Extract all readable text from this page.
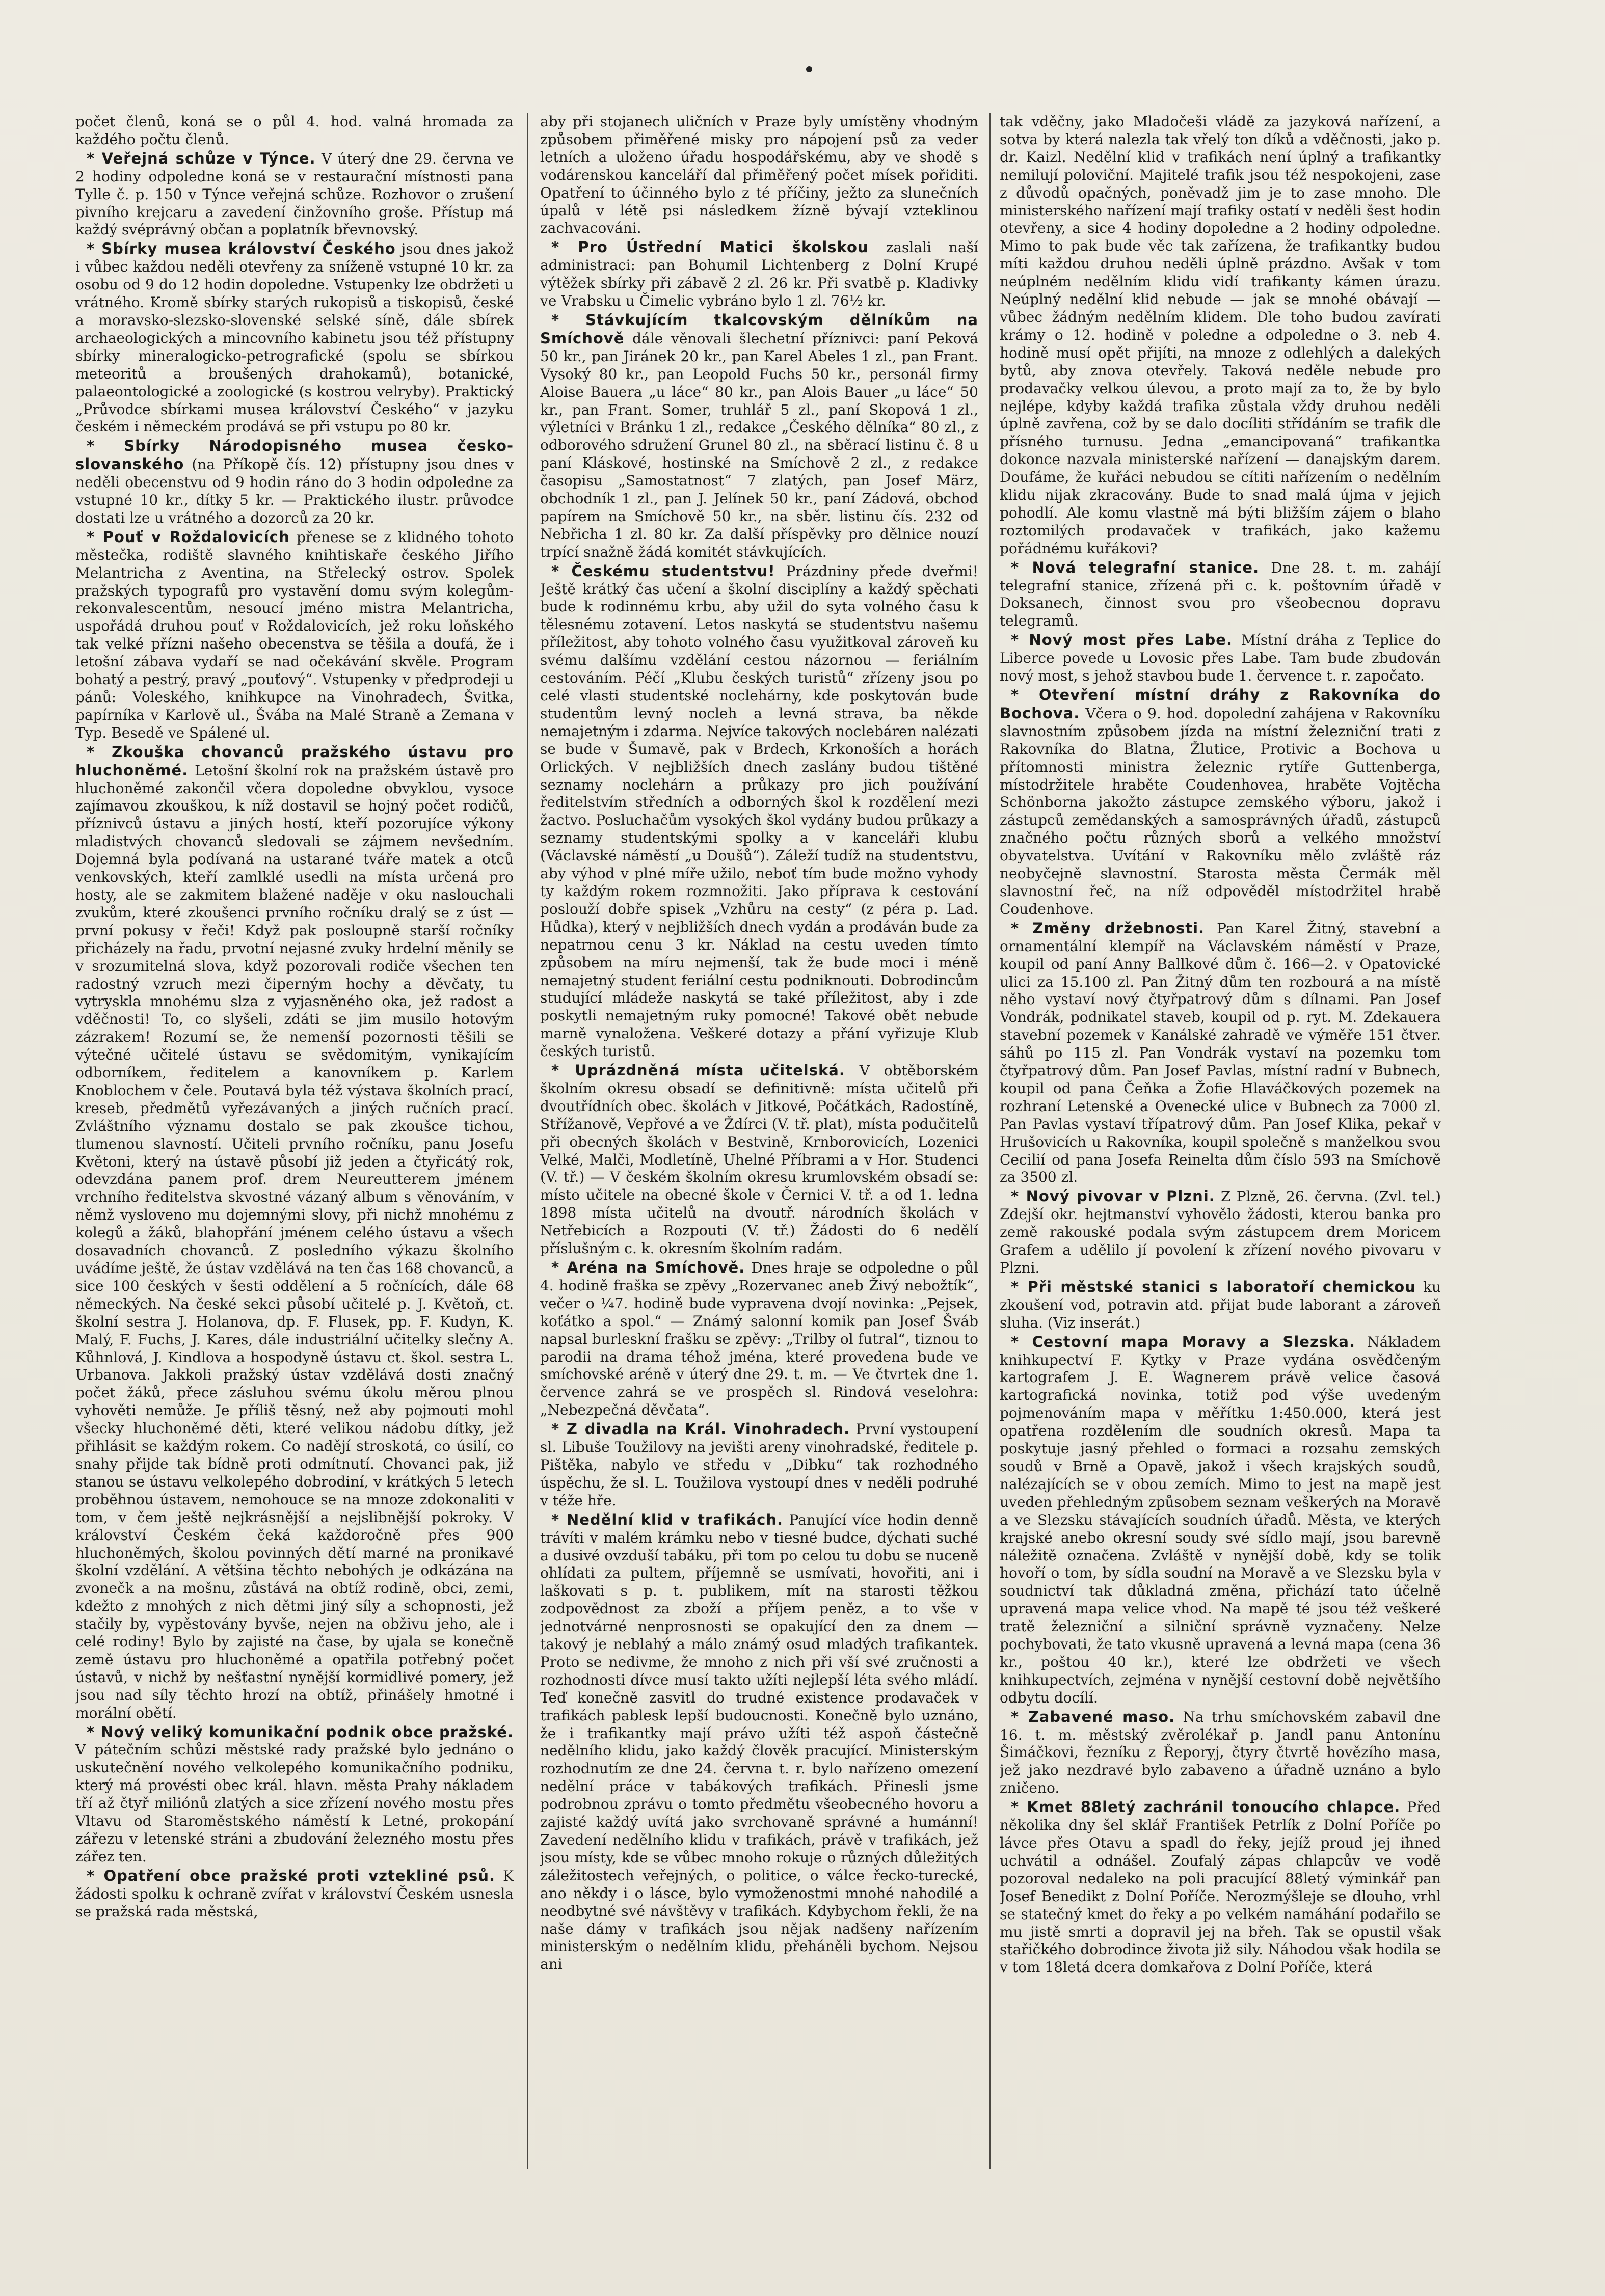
počet členů, koná se o půl 4. hod. valná hromada za každého počtu členů.

* Veřejná schůze v Týnce. V úterý dne 29. června ve 2 hodiny odpoledne koná se v restaurační místnosti pana Tylle č. p. 150 v Týnce veřejná schůze. Rozhovor o zrušení pivního krejcaru a zavedení činžovního groše. Přístup má každý svéprávný občan a poplatník břevnovský.

* Sbírky musea království Českého jsou dnes jakož i vůbec každou neděli otevřeny za sníženě vstupné 10 kr. za osobu od 9 do 12 hodin dopoledne. Vstupenky lze obdržeti u vrátného. Kromě sbírky starých rukopisů a tiskopisů, české a moravsko-slezsko-slovenské selské síně, dále sbírek archaeologických a mincovního kabinetu jsou též přístupny sbírky mineralogicko-petrografické (spolu se sbírkou meteoritů a broušených drahokamů), botanické, palaeontologické a zoologické (s kostrou velryby). Praktický „Průvodce sbírkami musea království Českého“ v jazyku českém i německém prodává se při vstupu po 80 kr.

* Sbírky Národopisného musea česko-slovanského (na Příkopě čís. 12) přístupny jsou dnes v neděli obecenstvu od 9 hodin ráno do 3 hodin odpoledne za vstupné 10 kr., dítky 5 kr. — Praktického ilustr. průvodce dostati lze u vrátného a dozorců za 20 kr.

* Pouť v Roždalovicích přenese se z klidného tohoto městečka, rodiště slavného knihtiskaře českého Jiřího Melantricha z Aventina, na Střelecký ostrov. Spolek pražských typografů pro vystavění domu svým kolegům-rekonvalescentům, nesoucí jméno mistra Melantricha, uspořádá druhou pouť v Roždalovicích, jež roku loňského tak velké přízni našeho obecenstva se těšila a doufá, že i letošní zábava vydaří se nad očekávání skvěle. Program bohatý a pestrý, pravý „pouťový“. Vstupenky v předprodeji u pánů: Voleského, knihkupce na Vinohradech, Švitka, papírníka v Karlově ul., Švába na Malé Straně a Zemana v Typ. Besedě ve Spálené ul.

* Zkouška chovanců pražského ústavu pro hluchoněmé. Letošní školní rok na pražském ústavě pro hluchoněmé zakončil včera dopoledne obvyklou, vysoce zajímavou zkouškou, k níž dostavil se hojný počet rodičů, příznivců ústavu a jiných hostí, kteří pozorujíce výkony mladistvých chovanců sledovali se zájmem nevšedním. Dojemná byla podívaná na ustarané tváře matek a otců venkovských, kteří zamlklé usedli na místa určená pro hosty, ale se zakmitem blažené naděje v oku naslouchali zvukům, které zkoušenci prvního ročníku dralý se z úst — první pokusy v řeči! Když pak posloupně starší ročníky přicházely na řadu, prvotní nejasné zvuky hrdelní měnily se v srozumitelná slova, když pozorovali rodiče všechen ten radostný vzruch mezi čiperným hochy a děvčaty, tu vytryskla mnohému slza z vyjasněného oka, jež radost a vděčnosti! To, co slyšeli, zdáti se jim musilo hotovým zázrakem! Rozumí se, že nemenší pozornosti těšili se výtečné učitelé ústavu se svědomitým, vynikajícím odborníkem, ředitelem a kanovníkem p. Karlem Knoblochem v čele. Poutavá byla též výstava školních prací, kreseb, předmětů vyřezávaných a jiných ručních prací. Zvláštního významu dostalo se pak zkoušce tichou, tlumenou slavností. Učiteli prvního ročníku, panu Josefu Květoni, který na ústavě působí již jeden a čtyřicátý rok, odevzdána panem prof. drem Neureutterem jménem vrchního ředitelstva skvostné vázaný album s věnováním, v němž vysloveno mu dojemnými slovy, při nichž mnohému z kolegů a žáků, blahopřání jménem celého ústavu a všech dosavadních chovanců. Z posledního výkazu školního uvádíme ještě, že ústav vzdělává na ten čas 168 chovanců, a sice 100 českých v šesti oddělení a 5 ročnících, dále 68 německých. Na české sekci působí učitelé p. J. Květoň, ct. školní sestra J. Holanova, dp. F. Flusek, pp. F. Kudyn, K. Malý, F. Fuchs, J. Kares, dále industriální učitelky slečny A. Kůhnlová, J. Kindlova a hospodyně ústavu ct. škol. sestra L. Urbanova. Jakkoli pražský ústav vzdělává dosti značný počet žáků, přece zásluhou svému úkolu měrou plnou vyhověti nemůže. Je příliš těsný, než aby pojmouti mohl všecky hluchoněmé děti, které velikou nádobu dítky, jež přihlásit se každým rokem. Co nadějí stroskotá, co úsilí, co snahy přijde tak bídně proti odmítnutí. Chovanci pak, již stanou se ústavu velkolepého dobrodiní, v krátkých 5 letech proběhnou ústavem, nemohouce se na mnoze zdokonaliti v tom, v čem ještě nejkrásnější a nejslibnější pokroky. V království Českém čeká každoročně přes 900 hluchoněmých, školou povinných dětí marné na pronikavé školní vzdělání. A většina těchto nebohých je odkázána na zvonečk a na mošnu, zůstává na obtíž rodině, obci, zemi, kdežto z mnohých z nich dětmi jiný síly a schopnosti, jež stačily by, vypěstovány byvše, nejen na obživu jeho, ale i celé rodiny! Bylo by zajisté na čase, by ujala se konečně země ústavu pro hluchoněmé a opatřila potřebný počet ústavů, v nichž by nešťastní nynější kormidlivé pomery, jež jsou nad síly těchto hrozí na obtíž, přinášely hmotné i morální obětí.

* Nový veliký komunikační podnik obce pražské. V pátečním schůzi městské rady pražské bylo jednáno o uskutečnění nového velkolepého komunikačního podniku, který má provésti obec král. hlavn. města Prahy nákladem tří až čtyř miliónů zlatých a sice zřízení nového mostu přes Vltavu od Staroměstského náměstí k Letné, prokopání zářezu v letenské stráni a zbudování železného mostu přes zářez ten.

* Opatření obce pražské proti vztekliné psů. K žádosti spolku k ochraně zvířat v království Českém usnesla se pražská rada městská,

aby při stojanech uličních v Praze byly umístěny vhodným způsobem přiměřené misky pro nápojení psů za veder letních a uloženo úřadu hospodářskému, aby ve shodě s vodárenskou kanceláří dal přiměřený počet mísek pořiditi. Opatření to účinného bylo z té příčiny, ježto za slunečních úpalů v létě psi následkem žízně bývají vzteklinou zachvacováni.

* Pro Ústřední Matici školskou zaslali naší administraci: pan Bohumil Lichtenberg z Dolní Krupé výtěžek sbírky při zábavě 2 zl. 26 kr. Při svatbě p. Kladivky ve Vrabsku u Čimelic vybráno bylo 1 zl. 76½ kr.

* Stávkujícím tkalcovským dělníkům na Smíchově dále věnovali šlechetní příznivci: paní Peková 50 kr., pan Jiránek 20 kr., pan Karel Abeles 1 zl., pan Frant. Vysoký 80 kr., pan Leopold Fuchs 50 kr., personál firmy Aloise Bauera „u láce“ 80 kr., pan Alois Bauer „u láce“ 50 kr., pan Frant. Somer, truhlář 5 zl., paní Skopová 1 zl., výletníci v Bránku 1 zl., redakce „Českého dělníka“ 80 zl., z odborového sdružení Grunel 80 zl., na sběrací listinu č. 8 u paní Kláskové, hostinské na Smíchově 2 zl., z redakce časopisu „Samostatnost“ 7 zlatých, pan Josef März, obchodník 1 zl., pan J. Jelínek 50 kr., paní Zádová, obchod papírem na Smíchově 50 kr., na sběr. listinu čís. 232 od Nebřicha 1 zl. 80 kr. Za další příspěvky pro dělnice nouzí trpící snažně žádá komitét stávkujících.

* Českému studentstvu! Prázdniny přede dveřmi! Ještě krátký čas učení a školní disciplíny a každý spěchati bude k rodinnému krbu, aby užil do syta volného času k tělesnému zotavení. Letos naskytá se studentstvu našemu příležitost, aby tohoto volného času využitkoval zároveň ku svému dalšímu vzdělání cestou názornou — feriálním cestováním. Péčí „Klubu českých turistů“ zřízeny jsou po celé vlasti studentské noclehárny, kde poskytován bude studentům levný nocleh a levná strava, ba někde nemajetným i zdarma. Nejvíce takových noclebáren nalézati se bude v Šumavě, pak v Brdech, Krkonoších a horách Orlických. V nejbližších dnech zaslány budou tištěné seznamy noclehárn a průkazy pro jich používání ředitelstvím středních a odborných škol k rozdělení mezi žactvo. Posluchačům vysokých škol vydány budou průkazy a seznamy studentskými spolky a v kanceláři klubu (Václavské náměstí „u Doušů“). Záleží tudíž na studentstvu, aby výhod v plné míře užilo, neboť tím bude možno vyhody ty každým rokem rozmnožiti. Jako příprava k cestování poslouží dobře spisek „Vzhůru na cesty“ (z péra p. Lad. Hůdka), který v nejbližších dnech vydán a prodáván bude za nepatrnou cenu 3 kr. Náklad na cestu uveden tímto způsobem na míru nejmenší, tak že bude moci i méně nemajetný student feriální cestu podniknouti. Dobrodincům studující mládeže naskytá se také příležitost, aby i zde poskytli nemajetným ruky pomocné! Takové obět nebude marně vynaložena. Veškeré dotazy a přání vyřizuje Klub českých turistů.

* Uprázdněná místa učitelská. V obtěborském školním okresu obsadí se definitivně: místa učitelů při dvoutřídních obec. školách v Jitkové, Počátkách, Radostíně, Střížanově, Vepřové a ve Ždírci (V. tř. plat), místa podučitelů při obecných školách v Bestvině, Krnborovicích, Lozenici Velké, Malči, Modletíně, Uhelné Příbrami a v Hor. Studenci (V. tř.) — V českém školním okresu krumlovském obsadí se: místo učitele na obecné škole v Černici V. tř. a od 1. ledna 1898 místa učitelů na dvoutř. národních školách v Netřebicích a Rozpouti (V. tř.) Žádosti do 6 nedělí příslušným c. k. okresním školním radám.

* Aréna na Smíchově. Dnes hraje se odpoledne o půl 4. hodině fraška se zpěvy „Rozervanec aneb Živý nebožtík“, večer o ¼7. hodině bude vypravena dvojí novinka: „Pejsek, koťátko a spol.“ — Známý salonní komik pan Josef Šváb napsal burleskní frašku se zpěvy: „Trilby ol futral“, tiznou to parodii na drama téhož jména, které provedena bude ve smíchovské aréně v úterý dne 29. t. m. — Ve čtvrtek dne 1. července zahrá se ve prospěch sl. Rindová veselohra: „Nebezpečná děvčata“.

* Z divadla na Král. Vinohradech. První vystoupení sl. Libuše Toužilovy na jevišti areny vinohradské, ředitele p. Pištěka, nabylo ve středu v „Dibku“ tak rozhodného úspěchu, že sl. L. Toužilova vystoupí dnes v neděli podruhé v téže hře.

* Nedělní klid v trafikách. Panující více hodin denně trávíti v malém krámku nebo v tiesné budce, dýchati suché a dusivé ovzduší tabáku, při tom po celou tu dobu se nuceně ohlídati za pultem, příjemně se usmívati, hovořiti, ani i laškovati s p. t. publikem, mít na starosti těžkou zodpovědnost za zboží a příjem peněz, a to vše v jednotvárné nenprosnosti se opakující den za dnem — takový je neblahý a málo známý osud mladých trafikantek. Proto se nedivme, že mnoho z nich při vší své zručnosti a rozhodnosti dívce musí takto užíti nejlepší léta svého mládí. Teď konečně zasvitl do trudné existence prodavaček v trafikách pablesk lepší budoucnosti. Konečně bylo uznáno, že i trafikantky mají právo užíti též aspoň částečně nedělního klidu, jako každý člověk pracující. Ministerským rozhodnutím ze dne 24. června t. r. bylo nařízeno omezení nedělní práce v tabákových trafikách. Přinesli jsme podrobnou zprávu o tomto předmětu všeobecného hovoru a zajisté každý uvítá jako svrchovaně správné a humánní! Zavedení nedělního klidu v trafikách, právě v trafikách, jež jsou místy, kde se vůbec mnoho rokuje o různých důležitých záležitostech veřejných, o politice, o válce řecko-turecké, ano někdy i o lásce, bylo vymoženostmi mnohé nahodilé a neodbytné své návštěvy v trafikách. Kdybychom řekli, že na naše dámy v trafikách jsou nějak nadšeny nařízením ministerským o nedělním klidu, přeháněli bychom. Nejsou ani

tak vděčny, jako Mladočeši vládě za jazyková nařízení, a sotva by která nalezla tak vřelý ton díků a vděčnosti, jako p. dr. Kaizl. Nedělní klid v trafikách není úplný a trafikantky nemilují poloviční. Majitelé trafik jsou též nespokojeni, zase z důvodů opačných, poněvadž jim je to zase mnoho. Dle ministerského nařízení mají trafiky ostatí v neděli šest hodin otevřeny, a sice 4 hodiny dopoledne a 2 hodiny odpoledne. Mimo to pak bude věc tak zařízena, že trafikantky budou míti každou druhou neděli úplně prázdno. Avšak v tom neúplném nedělním klidu vidí trafikanty kámen úrazu. Neúplný nedělní klid nebude — jak se mnohé obávají — vůbec žádným nedělním klidem. Dle toho budou zavírati krámy o 12. hodině v poledne a odpoledne o 3. neb 4. hodině musí opět přijíti, na mnoze z odlehlých a dalekých bytů, aby znova otevřely. Taková neděle nebude pro prodavačky velkou úlevou, a proto mají za to, že by bylo nejlépe, kdyby každá trafika zůstala vždy druhou neděli úplně zavřena, což by se dalo docíliti střídáním se trafik dle přísného turnusu. Jedna „emancipovaná“ trafikantka dokonce nazvala ministerské nařízení — danajským darem. Doufáme, že kuřáci nebudou se cítiti nařízením o nedělním klidu nijak zkracovány. Bude to snad malá újma v jejich pohodlí. Ale komu vlastně má býti bližším zájem o blaho roztomilých prodavaček v trafikách, jako kažemu pořádnému kuřákovi?

* Nová telegrafní stanice. Dne 28. t. m. zahájí telegrafní stanice, zřízená při c. k. poštovním úřadě v Doksanech, činnost svou pro všeobecnou dopravu telegramů.

* Nový most přes Labe. Místní dráha z Teplice do Liberce povede u Lovosic přes Labe. Tam bude zbudován nový most, s jehož stavbou bude 1. července t. r. započato.

* Otevření místní dráhy z Rakovníka do Bochova. Včera o 9. hod. dopolední zahájena v Rakovníku slavnostním způsobem jízda na místní železniční trati z Rakovníka do Blatna, Žlutice, Protivic a Bochova u přítomnosti ministra železnic rytíře Guttenberga, místodržitele hraběte Coudenhovea, hraběte Vojtěcha Schönborna jakožto zástupce zemského výboru, jakož i zástupců zemědanských a samosprávných úřadů, zástupců značného počtu různých sborů a velkého množství obyvatelstva. Uvítání v Rakovníku mělo zvláště ráz neobyčejně slavnostní. Starosta města Čermák měl slavnostní řeč, na níž odpověděl místodržitel hrabě Coudenhove.

* Změny držebnosti. Pan Karel Žitný, stavební a ornamentální klempíř na Václavském náměstí v Praze, koupil od paní Anny Ballkové dům č. 166—2. v Opatovické ulici za 15.100 zl. Pan Žitný dům ten rozbourá a na místě něho vystaví nový čtyřpatrový dům s dílnami. Pan Josef Vondrák, podnikatel staveb, koupil od p. ryt. M. Zdekauera stavební pozemek v Kanálské zahradě ve výměře 151 čtver. sáhů po 115 zl. Pan Vondrák vystaví na pozemku tom čtyřpatrový dům. Pan Josef Pavlas, místní radní v Bubnech, koupil od pana Čeňka a Žofie Hlaváčkových pozemek na rozhraní Letenské a Ovenecké ulice v Bubnech za 7000 zl. Pan Pavlas vystaví třípatrový dům. Pan Josef Klika, pekař v Hrušovicích u Rakovníka, koupil společně s manželkou svou Cecilií od pana Josefa Reinelta dům číslo 593 na Smíchově za 3500 zl.

* Nový pivovar v Plzni. Z Plzně, 26. června. (Zvl. tel.) Zdejší okr. hejtmanství vyhovělo žádosti, kterou banka pro země rakouské podala svým zástupcem drem Moricem Grafem a udělilo jí povolení k zřízení nového pivovaru v Plzni.

* Při městské stanici s laboratoří chemickou ku zkoušení vod, potravin atd. přijat bude laborant a zároveň sluha. (Viz inserát.)

* Cestovní mapa Moravy a Slezska. Nákladem knihkupectví F. Kytky v Praze vydána osvědčeným kartografem J. E. Wagnerem právě velice časová kartografická novinka, totiž pod výše uvedeným pojmenováním mapa v měřítku 1:450.000, která jest opatřena rozdělením dle soudních okresů. Mapa ta poskytuje jasný přehled o formaci a rozsahu zemských soudů v Brně a Opavě, jakož i všech krajských soudů, nalézajících se v obou zemích. Mimo to jest na mapě jest uveden přehledným způsobem seznam veškerých na Moravě a ve Slezsku stávajících soudních úřadů. Města, ve kterých krajské anebo okresní soudy své sídlo mají, jsou barevně náležitě označena. Zvláště v nynější době, kdy se tolik hovoří o tom, by sídla soudní na Moravě a ve Slezsku byla v soudnictví tak důkladná změna, přichází tato účelně upravená mapa velice vhod. Na mapě té jsou též veškeré tratě železniční a silniční správně vyznačeny. Nelze pochybovati, že tato vkusně upravená a levná mapa (cena 36 kr., poštou 40 kr.), které lze obdržeti ve všech knihkupectvích, zejména v nynější cestovní době největšího odbytu docílí.

* Zabavené maso. Na trhu smíchovském zabavil dne 16. t. m. městský zvěrolékař p. Jandl panu Antonínu Šimáčkovi, řezníku z Řeporyj, čtyry čtvrtě hovězího masa, jež jako nezdravé bylo zabaveno a úřadně uznáno a bylo zničeno.

* Kmet 88letý zachránil tonoucího chlapce. Před několika dny šel sklář František Petrlík z Dolní Poříče po lávce přes Otavu a spadl do řeky, jejíž proud jej ihned uchvátil a odnášel. Zoufalý zápas chlapcův ve vodě pozoroval nedaleko na poli pracující 88letý výminkář pan Josef Benedikt z Dolní Poříče. Nerozmýšleje se dlouho, vrhl se statečný kmet do řeky a po velkém namáhání podařilo se mu jistě smrti a dopravil jej na břeh. Tak se opustil však stařičkého dobrodince života již sily. Náhodou však hodila se v tom 18letá dcera domkařova z Dolní Poříče, která
